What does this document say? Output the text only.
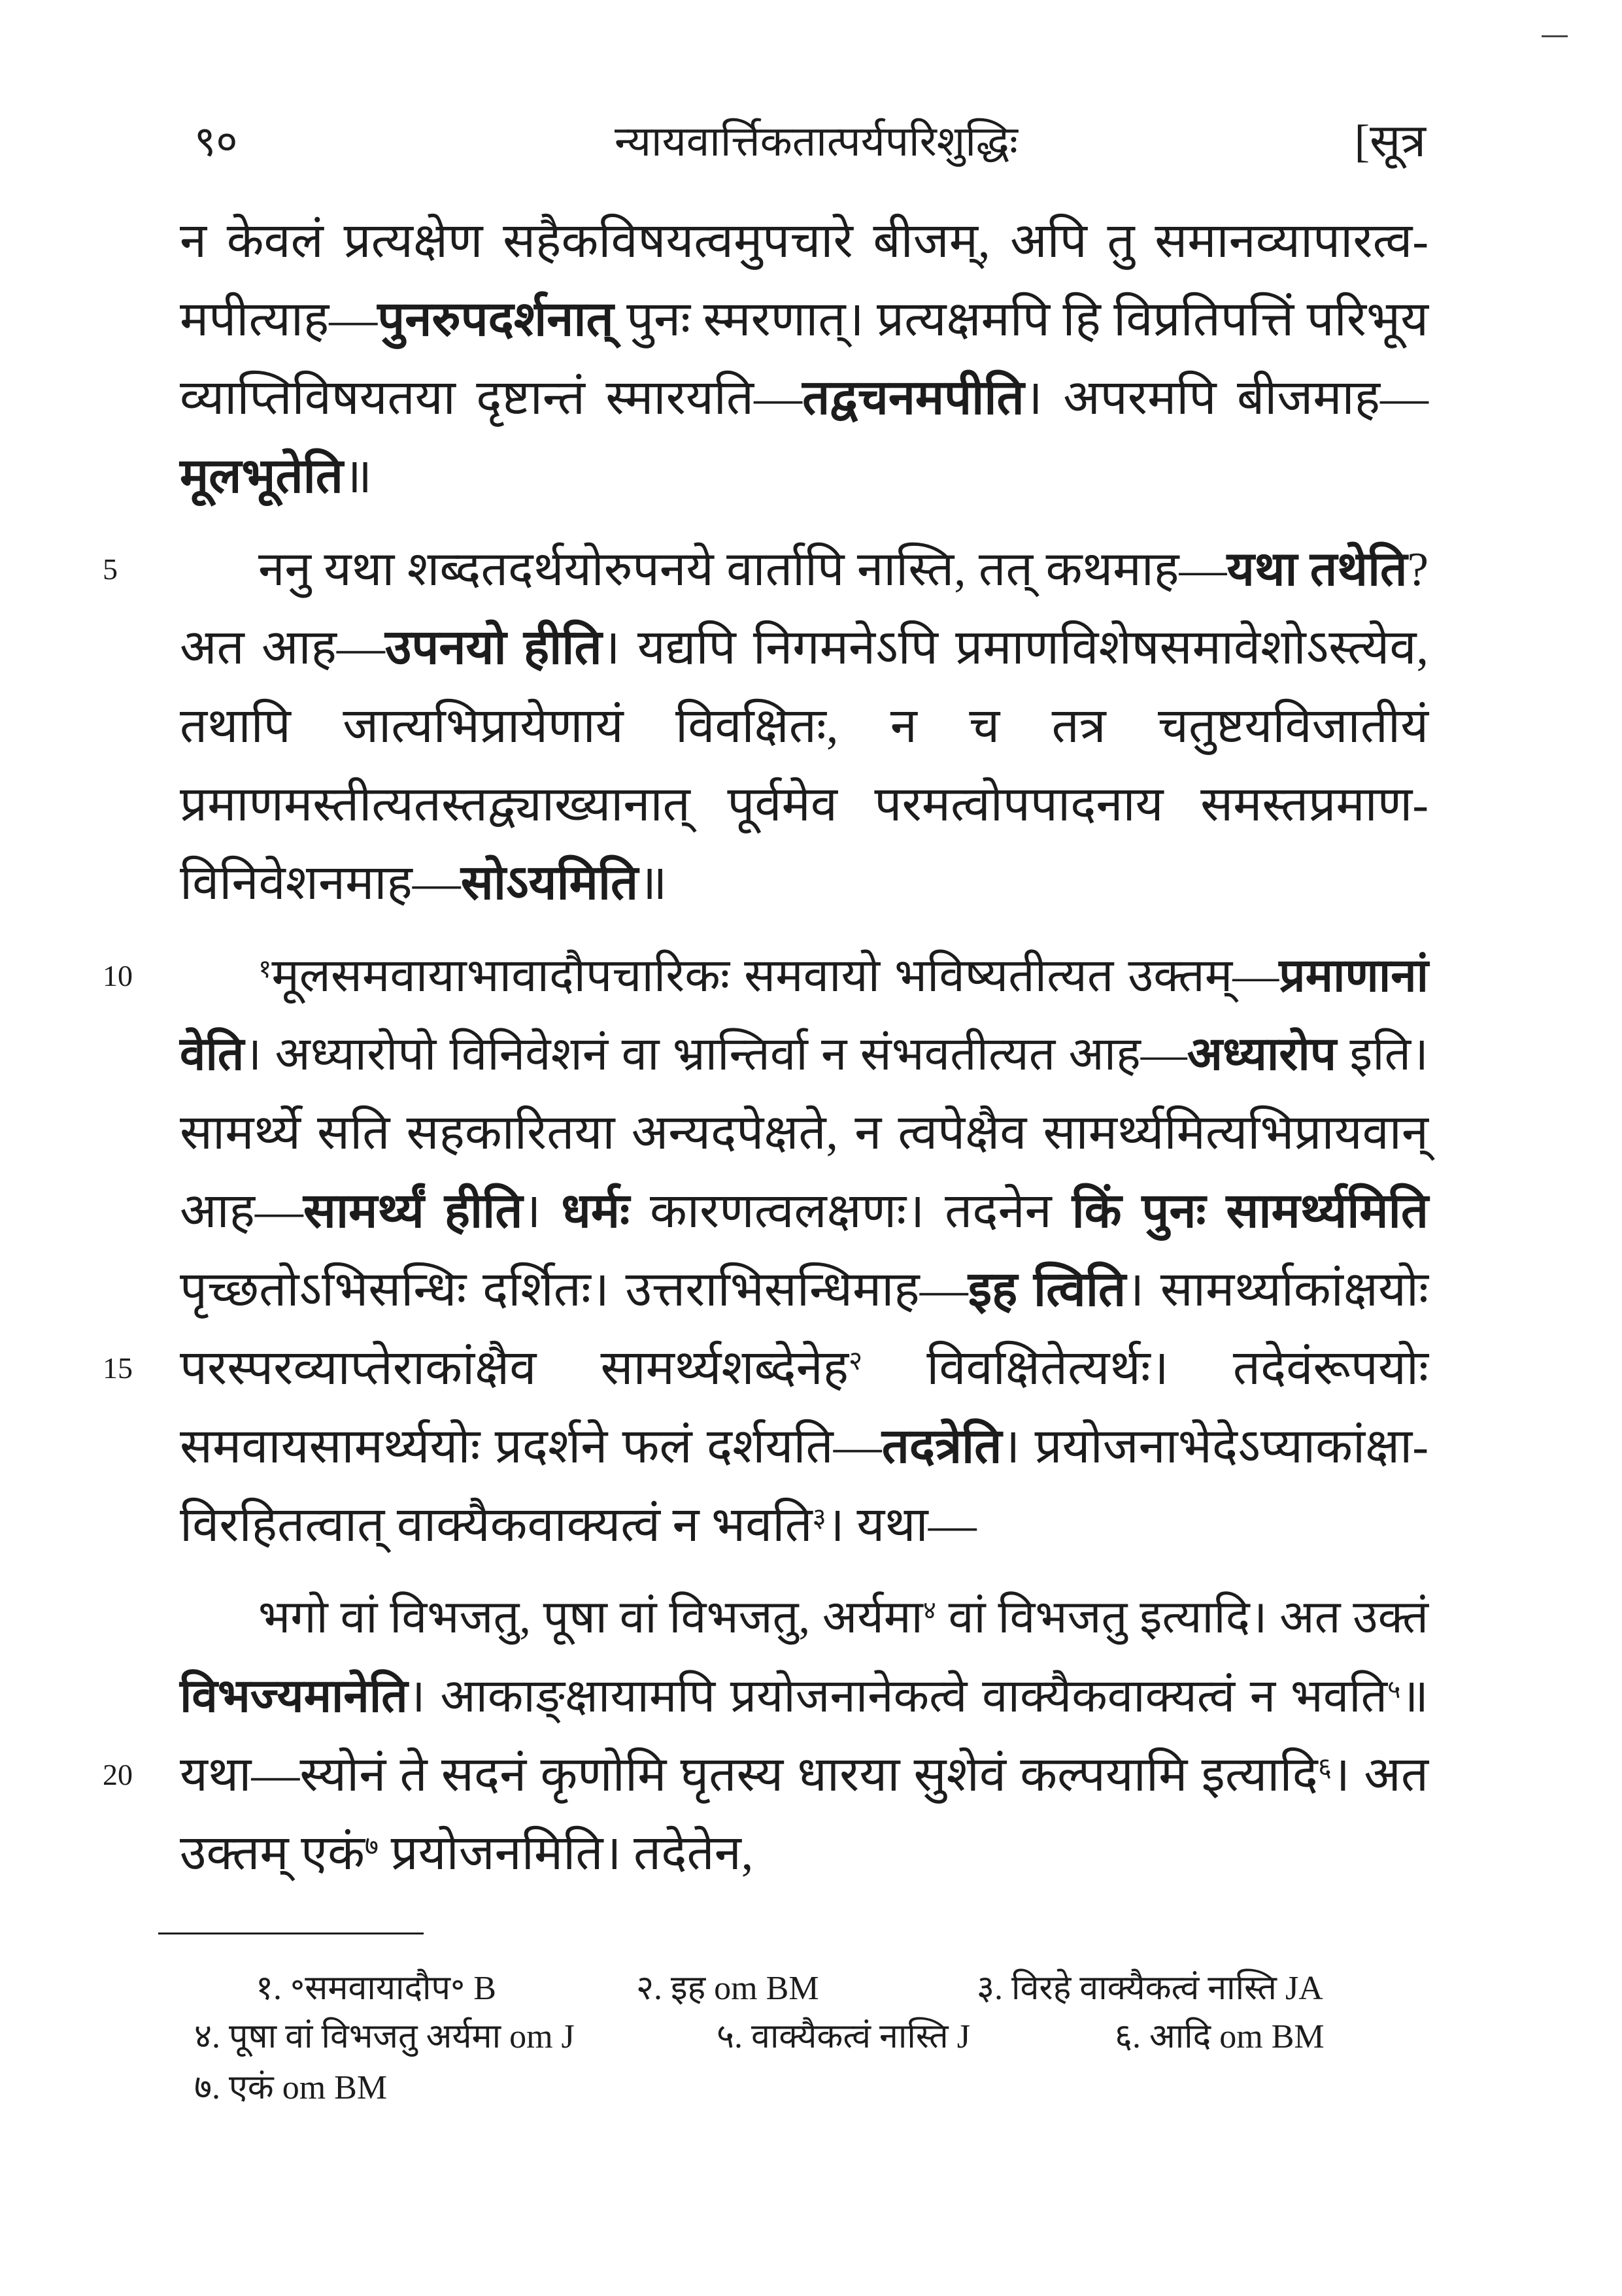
९०	न्यायवार्त्तिकतात्पर्यपरिशुद्धिः	[सूत्र
न केवलं प्रत्यक्षेण सहैकविषयत्वमुपचारे बीजम्, अपि तु समानव्यापारत्व-
मपीत्याह—पुनरुपदर्शनात् पुनः स्मरणात्। प्रत्यक्षमपि हि विप्रतिपत्तिं परिभूय
व्याप्तिविषयतया दृष्टान्तं स्मारयति—तद्वचनमपीति। अपरमपि बीजमाह—
मूलभूतेति॥
5	ननु यथा शब्दतदर्थयोरुपनये वार्तापि नास्ति, तत् कथमाह—यथा तथेति?
अत आह—उपनयो हीति। यद्यपि निगमनेऽपि प्रमाणविशेषसमावेशोऽस्त्येव,
तथापि जात्यभिप्रायेणायं विवक्षितः, न च तत्र चतुष्टयविजातीयं
प्रमाणमस्तीत्यतस्तद्व्याख्यानात् पूर्वमेव परमत्वोपपादनाय समस्तप्रमाण-
विनिवेशनमाह—सोऽयमिति॥
10	$^१$मूलसमवायाभावादौपचारिकः समवायो भविष्यतीत्यत उक्तम्—प्रमाणानां
वेति। अध्यारोपो विनिवेशनं वा भ्रान्तिर्वा न संभवतीत्यत आह—अध्यारोप इति।
सामर्थ्ये सति सहकारितया अन्यदपेक्षते, न त्वपेक्षैव सामर्थ्यमित्यभिप्रायवान्
आह—सामर्थ्यं हीति। धर्मः कारणत्वलक्षणः। तदनेन किं पुनः सामर्थ्यमिति
पृच्छतोऽभिसन्धिः दर्शितः। उत्तराभिसन्धिमाह—इह त्विति। सामर्थ्याकांक्षयोः
15 परस्परव्याप्तेराकांक्षैव सामर्थ्यशब्देनेह$^२$ विवक्षितेत्यर्थः। तदेवंरूपयोः
समवायसामर्थ्ययोः प्रदर्शने फलं दर्शयति—तदत्रेति। प्रयोजनाभेदेऽप्याकांक्षा-
विरहितत्वात् वाक्यैकवाक्यत्वं न भवति$^३$। यथा—
भगो वां विभजतु, पूषा वां विभजतु, अर्यमा$^४$ वां विभजतु इत्यादि। अत उक्तं
विभज्यमानेति। आकाङ्क्षायामपि प्रयोजनानेकत्वे वाक्यैकवाक्यत्वं न भवति$^५$॥
20 यथा—स्योनं ते सदनं कृणोमि घृतस्य धारया सुशेवं कल्पयामि इत्यादि$^६$। अत
उक्तम् एकं$^७$ प्रयोजनमिति। तदेतेन,
१. ॰समवायादौप॰ B	२. इह om BM	३. विरहे वाक्यैकत्वं नास्ति JA
४. पूषा वां विभजतु अर्यमा om J	५. वाक्यैकत्वं नास्ति J	६. आदि om BM
७. एकं om BM
